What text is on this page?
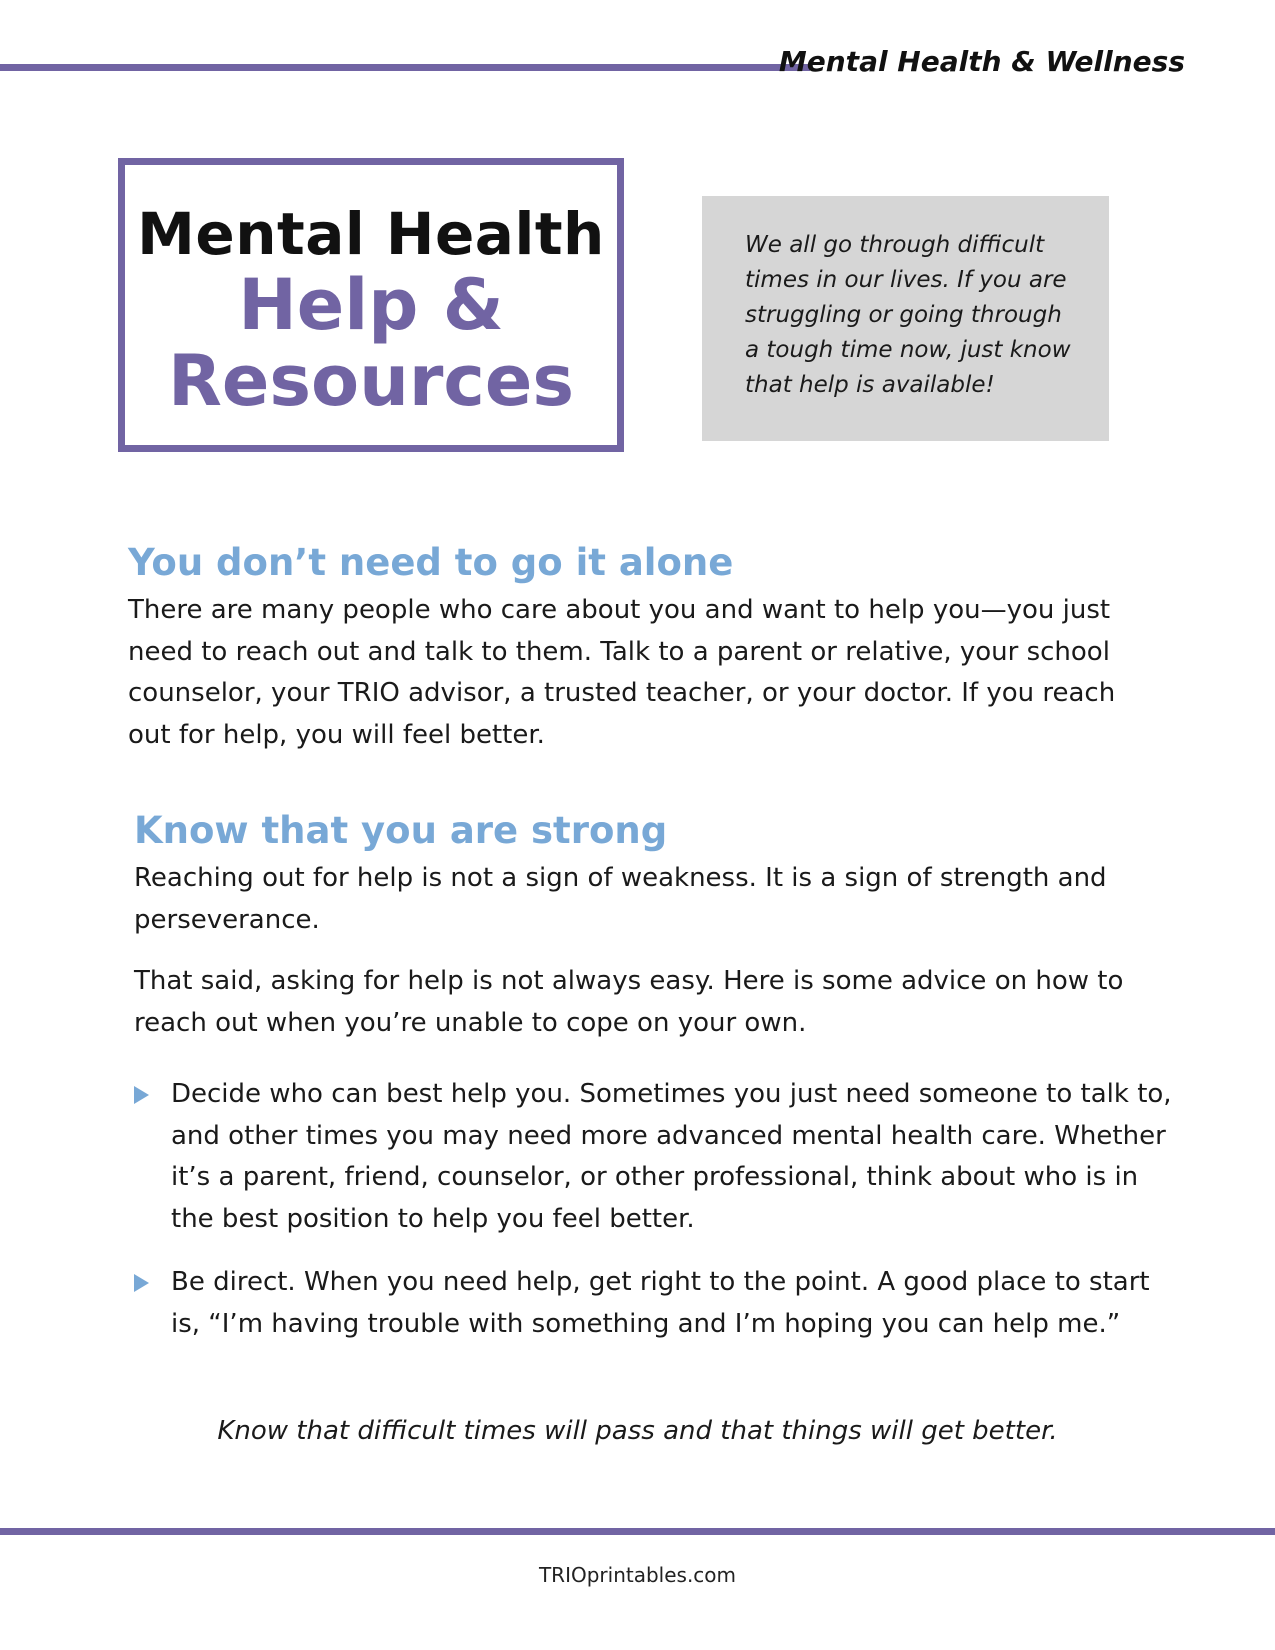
Mental Health & Wellness
Mental Health
Help &
Resources
We all go through difficult times in our lives. If you are struggling or going through a tough time now, just know that help is available!
You don’t need to go it alone

There are many people who care about you and want to help you—you just need to reach out and talk to them. Talk to a parent or relative, your school counselor, your TRIO advisor, a trusted teacher, or your doctor. If you reach out for help, you will feel better.

Know that you are strong

Reaching out for help is not a sign of weakness. It is a sign of strength and perseverance.

That said, asking for help is not always easy. Here is some advice on how to reach out when you’re unable to cope on your own.

Decide who can best help you. Sometimes you just need someone to talk to, and other times you may need more advanced mental health care. Whether it’s a parent, friend, counselor, or other professional, think about who is in the best position to help you feel better.
Be direct. When you need help, get right to the point. A good place to start is, “I’m having trouble with something and I’m hoping you can help me.”
Know that difficult times will pass and that things will get better.
TRIOprintables.com
